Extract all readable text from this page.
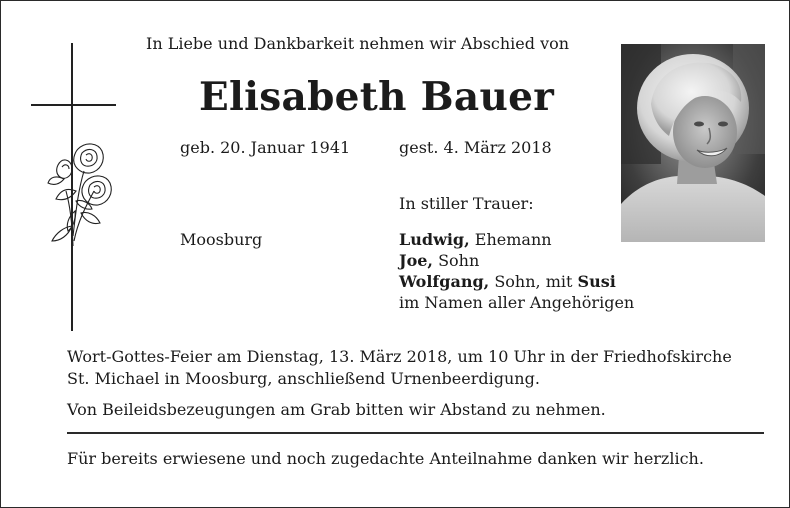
In Liebe und Dankbarkeit nehmen wir Abschied von
Elisabeth Bauer
geb. 20. Januar 1941	gest. 4. März 2018
In stiller Trauer:
Moosburg	Ludwig, Ehemann
Joe, Sohn
Wolfgang, Sohn, mit Susi
im Namen aller Angehörigen
Wort-Gottes-Feier am Dienstag, 13. März 2018, um 10 Uhr in der Friedhofskirche
St. Michael in Moosburg, anschließend Urnenbeerdigung.
Von Beileidsbezeugungen am Grab bitten wir Abstand zu nehmen.
Für bereits erwiesene und noch zugedachte Anteilnahme danken wir herzlich.
